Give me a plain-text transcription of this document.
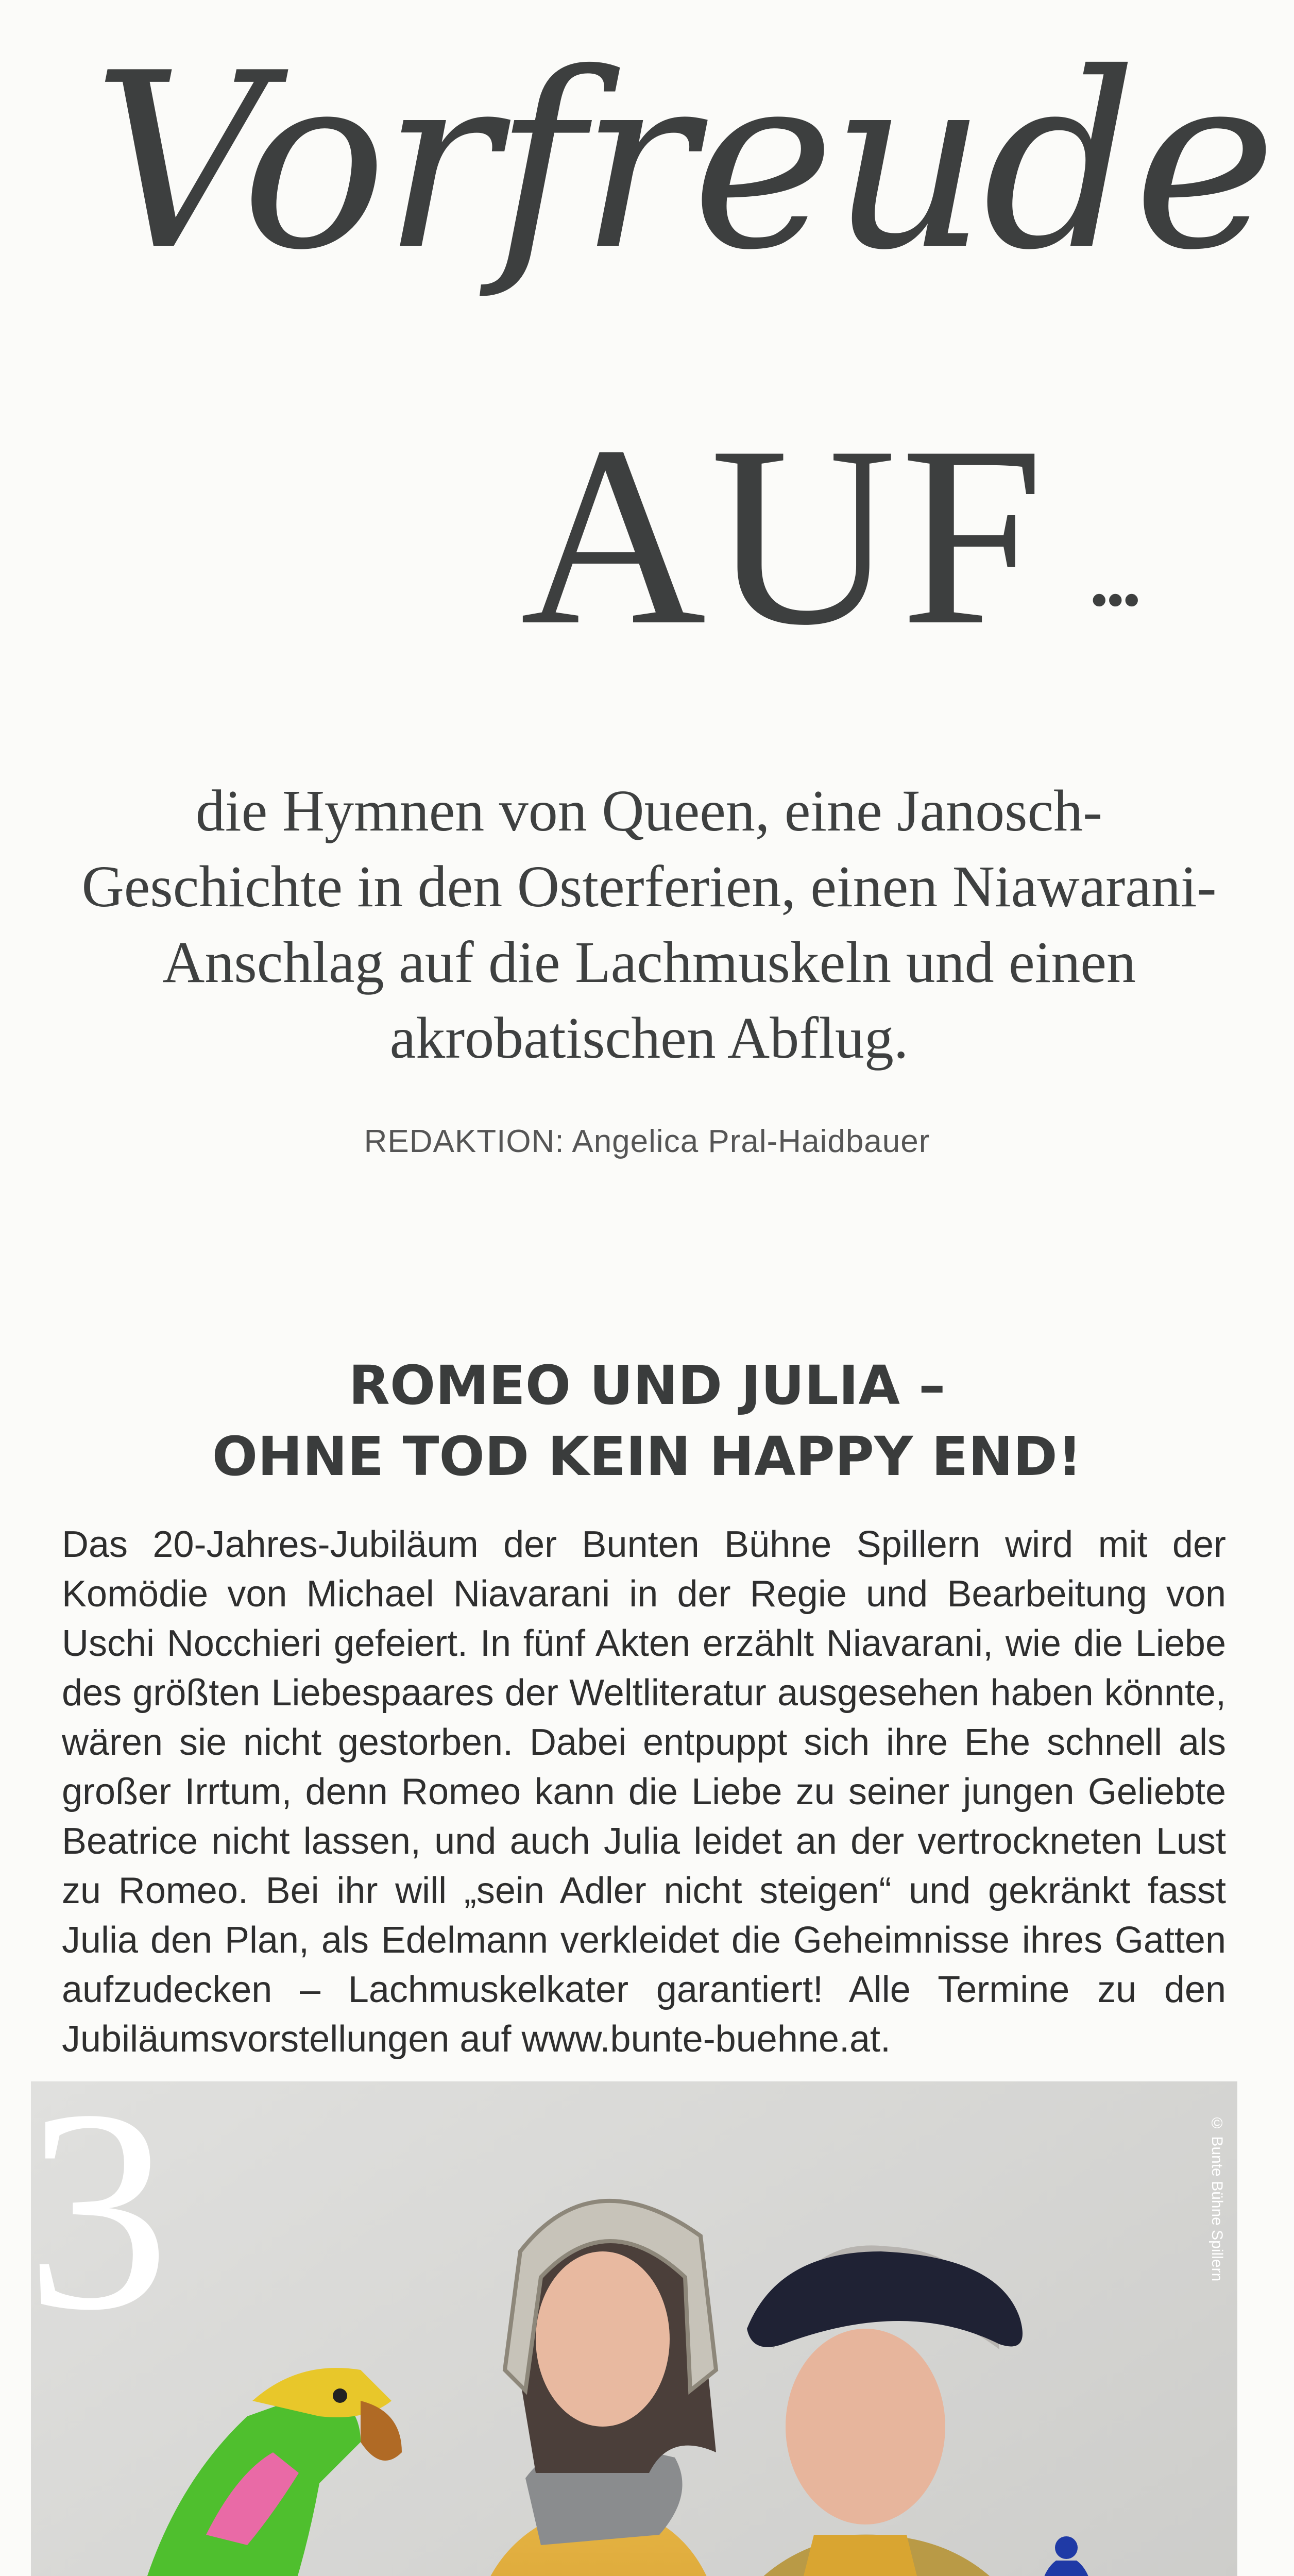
Vorfreude
AUF ...
die Hymnen von Queen, eine Janosch-Geschichte in den Osterferien, einen Niawarani-Anschlag auf die Lachmuskeln und einen akrobatischen Abflug.
REDAKTION: Angelica Pral-Haidbauer
ROMEO UND JULIA –
OHNE TOD KEIN HAPPY END!
Das 20-Jahres-Jubiläum der Bunten Bühne Spillern wird mit der Komödie von Michael Niavarani in der Regie und Bearbeitung von Uschi Nocchieri gefeiert. In fünf Akten erzählt Niavarani, wie die Liebe des größten Liebespaares der Weltliteratur ausgesehen haben könnte, wären sie nicht gestorben. Dabei entpuppt sich ihre Ehe schnell als großer Irrtum, denn Romeo kann die Liebe zu seiner jungen Geliebte Beatrice nicht lassen, und auch Julia leidet an der vertrockneten Lust zu Romeo. Bei ihr will „sein Adler nicht steigen“ und gekränkt fasst Julia den Plan, als Edelmann verkleidet die Geheimnisse ihres Gatten aufzudecken – Lachmuskelkater garantiert! Alle Termine zu den Jubiläumsvorstellungen auf www.bunte-buehne.at.
3	© Bunte Bühne Spillern
